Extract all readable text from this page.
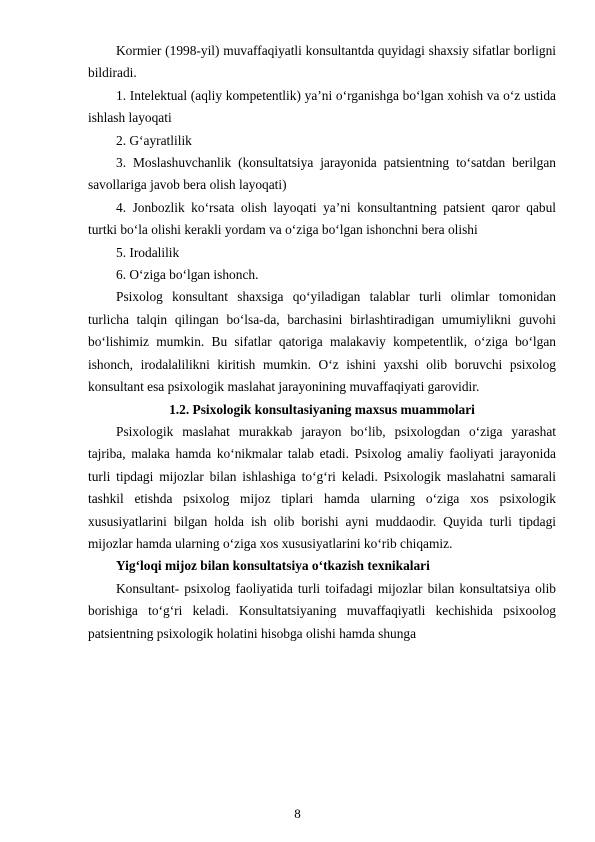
Kormier (1998-yil) muvaffaqiyatli konsultantda quyidagi shaxsiy sifatlar borligni bildiradi.

1. Intelektual (aqliy kompetentlik) ya’ni o‘rganishga bo‘lgan xohish va o‘z ustida ishlash layoqati

2. G‘ayratlilik

3. Moslashuvchanlik (konsultatsiya jarayonida patsientning to‘satdan berilgan savollariga javob bera olish layoqati)

4. Jonbozlik ko‘rsata olish layoqati ya’ni konsultantning patsient qaror qabul turtki bo‘la olishi kerakli yordam va o‘ziga bo‘lgan ishonchni bera olishi

5. Irodalilik

6. O‘ziga bo‘lgan ishonch.

Psixolog konsultant shaxsiga qo‘yiladigan talablar turli olimlar tomonidan turlicha talqin qilingan bo‘lsa-da, barchasini birlashtiradigan umumiylikni guvohi bo‘lishimiz mumkin. Bu sifatlar qatoriga malakaviy kompetentlik, o‘ziga bo‘lgan ishonch, irodalalilikni kiritish mumkin. O‘z ishini yaxshi olib boruvchi psixolog konsultant esa psixologik maslahat jarayonining muvaffaqiyati garovidir.

1.2. Psixologik konsultasiyaning maxsus muammolari

Psixologik maslahat murakkab jarayon bo‘lib, psixologdan o‘ziga yarashat tajriba, malaka hamda ko‘nikmalar talab etadi. Psixolog amaliy faoliyati jarayonida turli tipdagi mijozlar bilan ishlashiga to‘g‘ri keladi. Psixologik maslahatni samarali tashkil etishda psixolog mijoz tiplari hamda ularning o‘ziga xos psixologik xususiyatlarini bilgan holda ish olib borishi ayni muddaodir. Quyida turli tipdagi mijozlar hamda ularning o‘ziga xos xususiyatlarini ko‘rib chiqamiz.

Yig‘loqi mijoz bilan konsultatsiya o‘tkazish texnikalari

Konsultant- psixolog faoliyatida turli toifadagi mijozlar bilan konsultatsiya olib borishiga to‘g‘ri keladi. Konsultatsiyaning muvaffaqiyatli kechishida psixoolog patsientning psixologik holatini hisobga olishi hamda shunga

8
